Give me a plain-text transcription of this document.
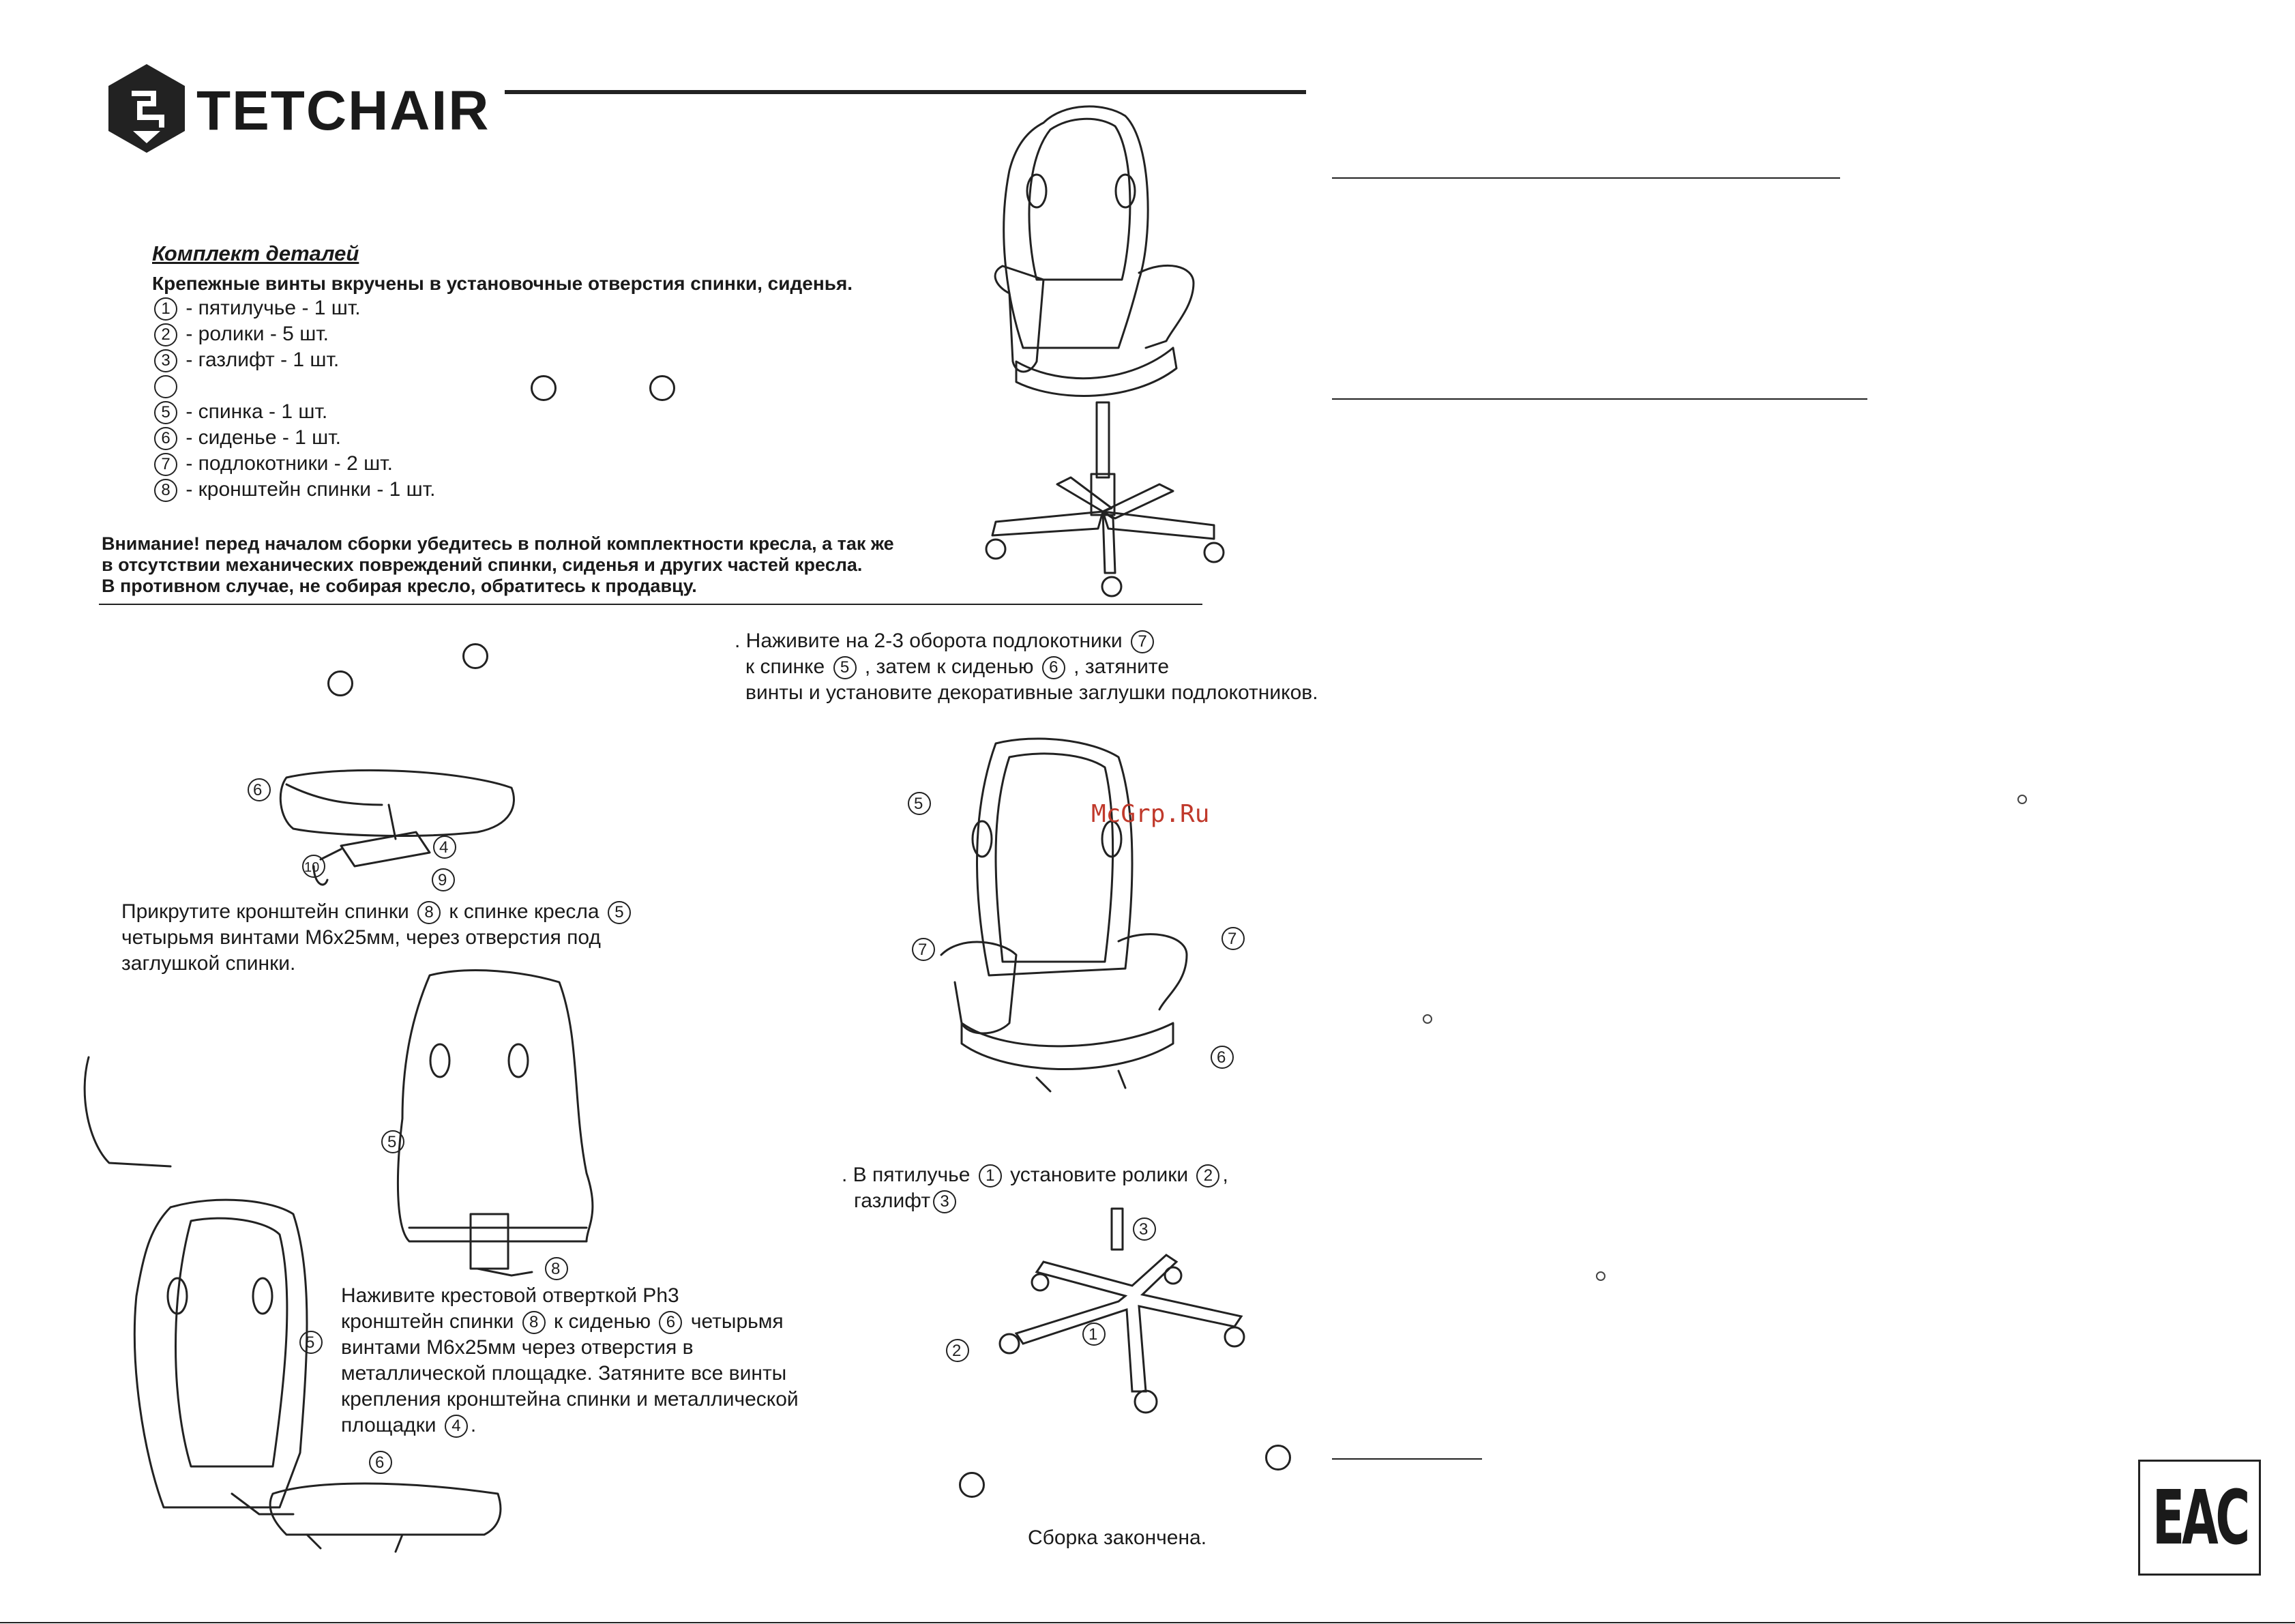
TETCHAIR
Комплект деталей
Крепежные винты вкручены в установочные отверстия спинки, сиденья.
1 - пятилучье - 1 шт.
2 - ролики - 5 шт.
3 - газлифт - 1 шт.
5 - спинка - 1 шт.
6 - сиденье - 1 шт.
7 - подлокотники - 2 шт.
8 - кронштейн спинки - 1 шт.
Внимание! перед началом сборки убедитесь в полной комплектности кресла, а так же
в отсутствии механических повреждений спинки, сиденья и других частей кресла.
В противном случае, не собирая кресло, обратитесь к продавцу.
6
10
4
9
Прикрутите кронштейн спинки 8 к спинке кресла 5
четырьмя винтами М6х25мм, через отверстия под
заглушкой спинки.
5
8
5
6
Наживите крестовой отверткой Ph3
кронштейн спинки 8 к сиденью 6 четырьмя
винтами М6х25мм через отверстия в
металлической площадке. Затяните все винты
крепления кронштейна спинки и металлической
площадки 4 .
. Наживите на 2-3 оборота подлокотники 7
к спинке 5 , затем к сиденью 6 , затяните
винты и установите декоративные заглушки подлокотников.
5
7
7
6
McGrp.Ru
. В пятилучье 1 установите ролики 2 ,
газлифт 3
3
1
2
Сборка закончена.	EAC
